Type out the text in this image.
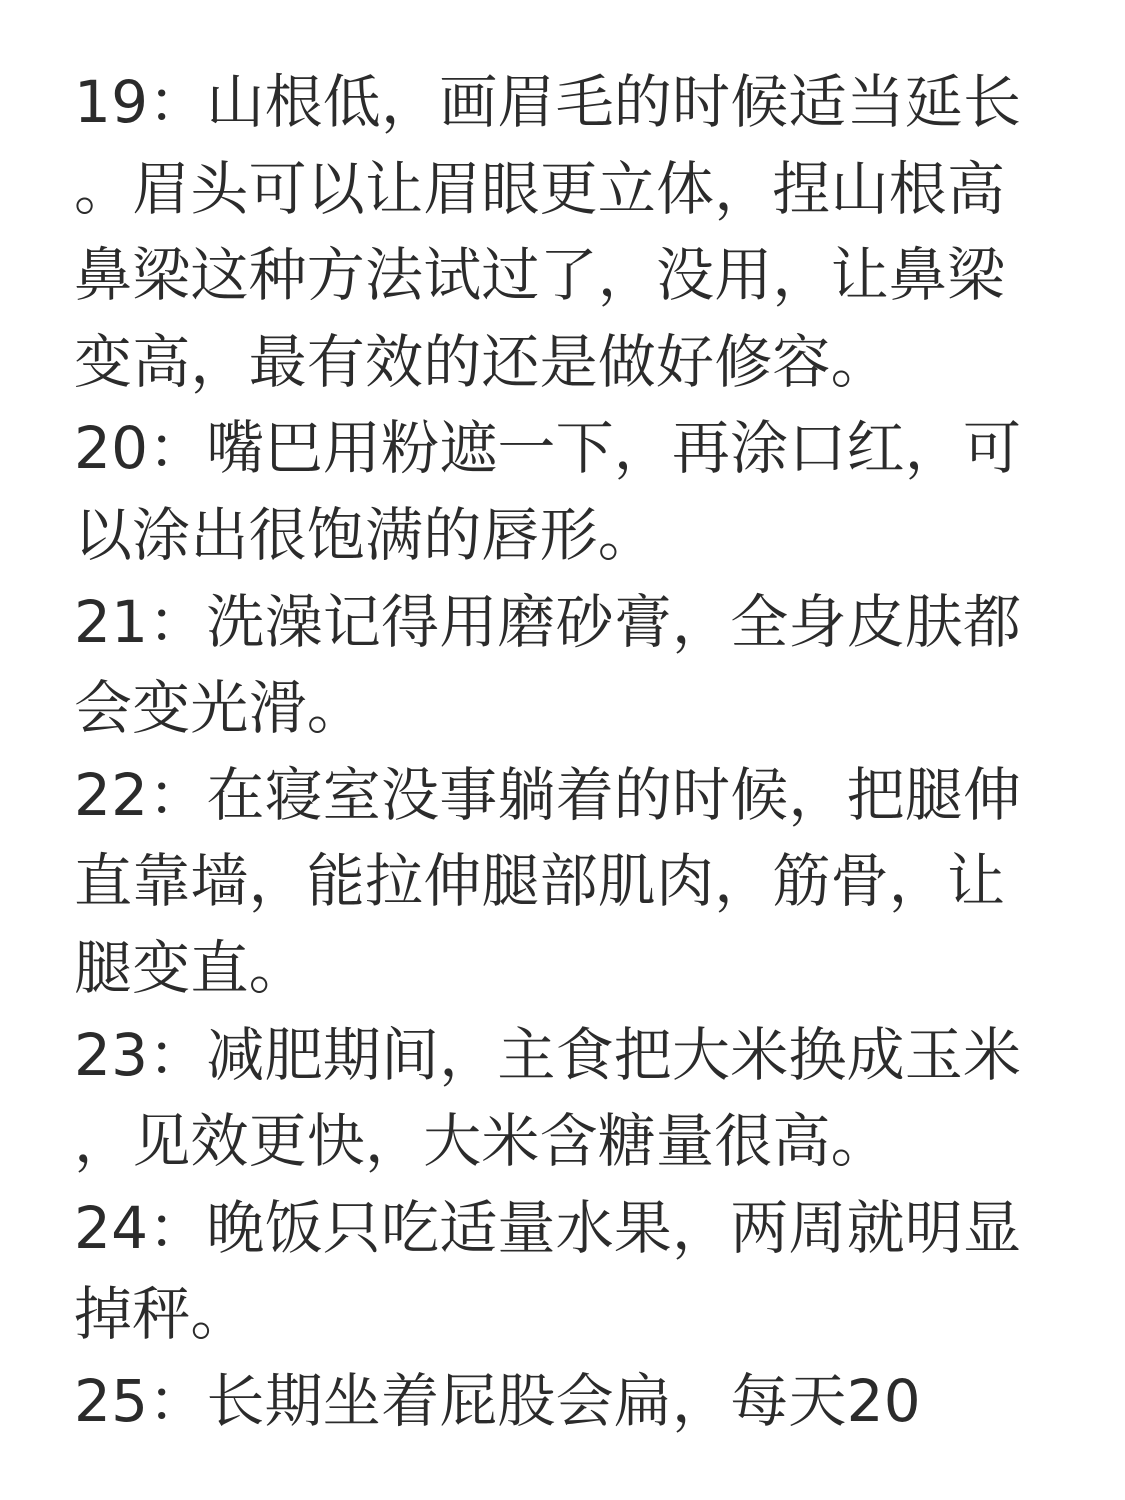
19：山根低，画眉毛的时候适当延长。眉头可以让眉眼更立体，捏山根高鼻梁这种方法试过了，没用，让鼻梁变高，最有效的还是做好修容。

20：嘴巴用粉遮一下，再涂口红，可以涂出很饱满的唇形。

21：洗澡记得用磨砂膏，全身皮肤都会变光滑。

22：在寝室没事躺着的时候，把腿伸直靠墙，能拉伸腿部肌肉，筋骨，让腿变直。

23：减肥期间，主食把大米换成玉米，见效更快，大米含糖量很高。

24：晚饭只吃适量水果，两周就明显掉秤。

25：长期坐着屁股会扁，每天20
